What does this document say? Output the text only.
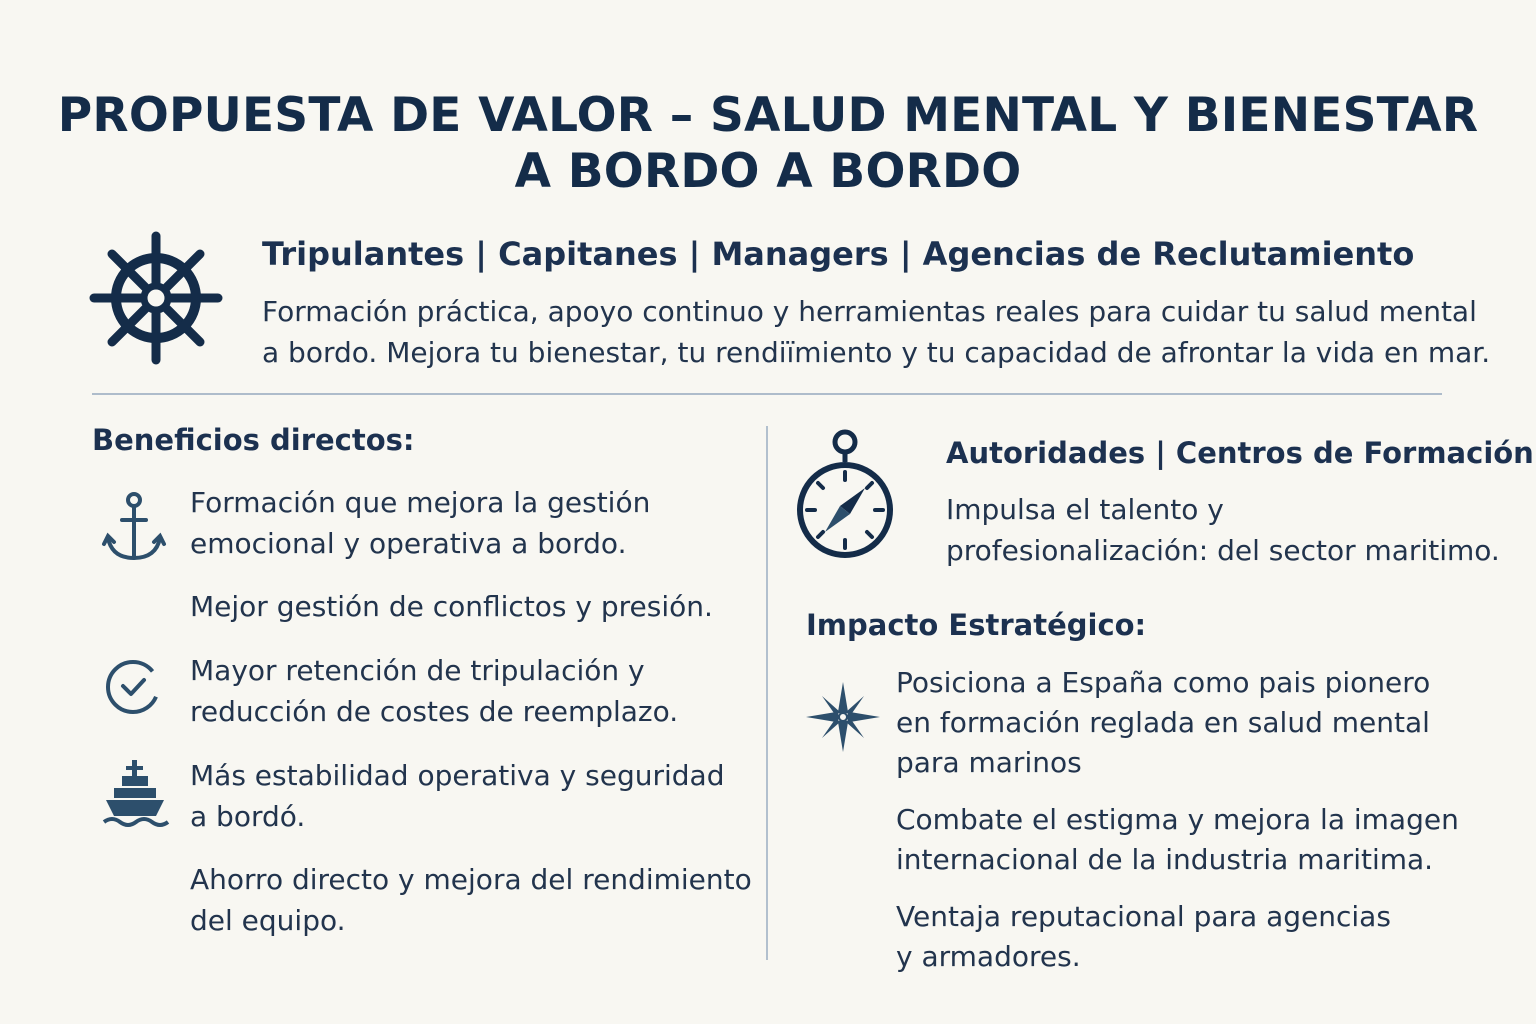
PROPUESTA DE VALOR – SALUD MENTAL Y BIENESTAR
A BORDO A BORDO
Tripulantes | Capitanes | Managers | Agencias de Reclutamiento
Formación práctica, apoyo continuo y herramientas reales para cuidar tu salud mental
a bordo. Mejora tu bienestar, tu rendiïmiento y tu capacidad de afrontar la vida en mar.
Beneficios directos:
Formación que mejora la gestión
emocional y operativa a bordo.
Mejor gestión de conflictos y presión.
Mayor retención de tripulación y
reducción de costes de reemplazo.
Más estabilidad operativa y seguridad
a bordó.
Ahorro directo y mejora del rendimiento
del equipo.
Autoridades | Centros de Formación
Impulsa el talento y
profesionalización: del sector maritimo.
Impacto Estratégico:
Posiciona a España como pais pionero
en formación reglada en salud mental
para marinos
Combate el estigma y mejora la imagen
internacional de la industria maritima.
Ventaja reputacional para agencias
y armadores.
